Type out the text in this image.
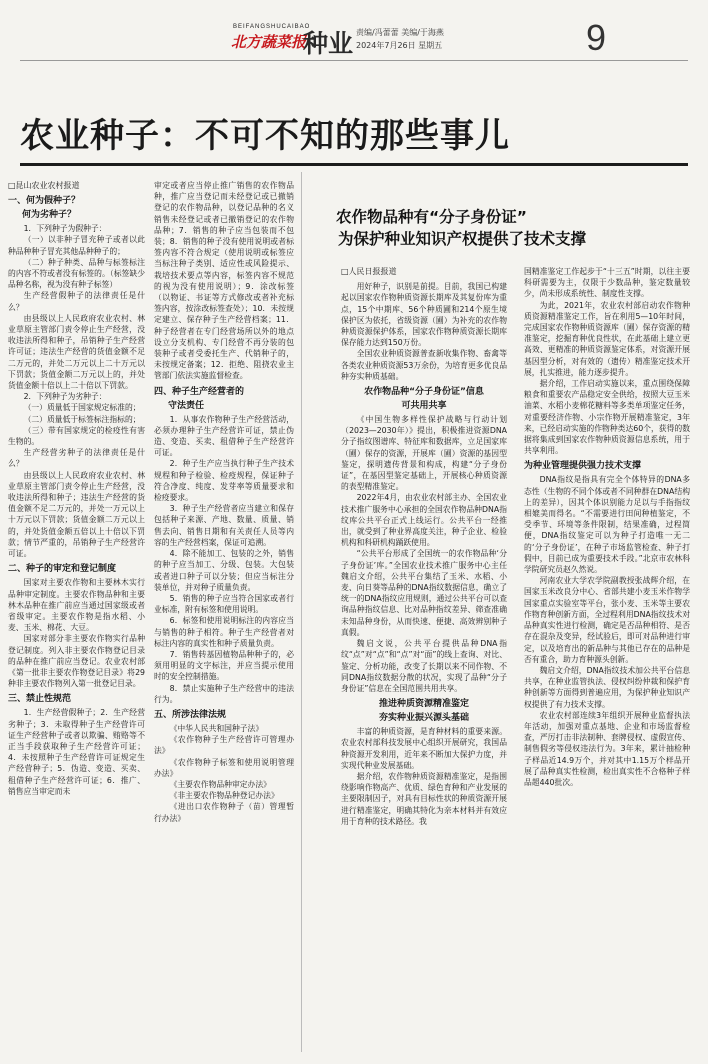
BEIFANGSHUCAIBAO
北方蔬菜报
种业 责编/冯蕾蕾 美编/于海燕
2024年7月26日 星期五	9
农业种子：不可不知的那些事儿
□昆山农业农村报道
一、何为假种子？
何为劣种子？

1．下列种子为假种子：

（一）以非种子冒充种子或者以此种品种种子冒充其他品种种子的；

（二）种子种类、品种与标签标注的内容不符或者没有标签的。（标签缺少品种名称，视为没有种子标签）

生产经营假种子的法律责任是什么？

由县级以上人民政府农业农村、林业草原主管部门责令停止生产经营，没收违法所得和种子，吊销种子生产经营许可证；违法生产经营的货值金额不足二万元的，并处二万元以上二十万元以下罚款；货值金额二万元以上的，并处货值金额十倍以上二十倍以下罚款。

2．下列种子为劣种子：

（一）质量低于国家规定标准的；

（二）质量低于标签标注指标的；

（三）带有国家规定的检疫性有害生物的。

生产经营劣种子的法律责任是什么？

由县级以上人民政府农业农村、林业草原主管部门责令停止生产经营，没收违法所得和种子；违法生产经营的货值金额不足二万元的，并处一万元以上十万元以下罚款；货值金额二万元以上的，并处货值金额五倍以上十倍以下罚款；情节严重的，吊销种子生产经营许可证。

二、种子的审定和登记制度

国家对主要农作物和主要林木实行品种审定制度。主要农作物品种和主要林木品种在推广前应当通过国家级或者省级审定。主要农作物是指水稻、小麦、玉米、棉花、大豆。

国家对部分非主要农作物实行品种登记制度。列入非主要农作物登记目录的品种在推广前应当登记。农业农村部《第一批非主要农作物登记目录》将29种非主要农作物列入第一批登记目录。

三、禁止性规范

1．生产经营假种子；2．生产经营劣种子；3．未取得种子生产经营许可证生产经营种子或者以欺骗、贿赂等不正当手段获取种子生产经营许可证；4．未按照种子生产经营许可证规定生产经营种子；5．伪造、变造、买卖、租借种子生产经营许可证；6．推广、销售应当审定而未

审定或者应当停止推广销售的农作物品种，推广应当登记而未经登记或已撤销登记的农作物品种，以登记品种的名义销售未经登记或者已撤销登记的农作物品种；7．销售的种子应当包装而不包装；8．销售的种子没有使用说明或者标签内容不符合规定（使用说明或标签应当标注种子类别、适应性或风险提示、栽培技术要点等内容，标签内容不规范的视为没有使用说明）；9．涂改标签（以物证、书证等方式修改或者补充标签内容，按涂改标签查处）；10．未按规定建立、保存种子生产经营档案；11．种子经营者在专门经营场所以外的地点设立分支机构、专门经营不再分装的包装种子或者受委托生产、代销种子的，未按规定备案；12．拒绝、阻挠农业主管部门依法实施监督检查。

四、种子生产经营者的
守法责任

1．从事农作物种子生产经营活动，必须办理种子生产经营许可证，禁止伪造、变造、买卖、租借种子生产经营许可证。

2．种子生产应当执行种子生产技术规程和种子检验、检疫规程，保证种子符合净度、纯度、发芽率等质量要求和检疫要求。

3．种子生产经营者应当建立和保存包括种子来源、产地、数量、质量、销售去向、销售日期和有关责任人员等内容的生产经营档案，保证可追溯。

4．除不能加工、包装的之外，销售的种子应当加工、分级、包装。大包装或者进口种子可以分装；但应当标注分装单位，并对种子质量负责。

5．销售的种子应当符合国家或者行业标准，附有标签和使用说明。

6．标签和使用说明标注的内容应当与销售的种子相符。种子生产经营者对标注内容的真实性和种子质量负责。

7．销售转基因植物品种种子的，必须用明显的文字标注，并应当提示使用时的安全控制措施。

8．禁止实施种子生产经营中的违法行为。

五、所涉法律法规

《中华人民共和国种子法》

《农作物种子生产经营许可管理办法》

《农作物种子标签和使用说明管理办法》

《主要农作物品种审定办法》

《非主要农作物品种登记办法》

《进出口农作物种子（苗）管理暂行办法》

农作物品种有“分子身份证”
为保护种业知识产权提供了技术支撑
□人民日报报道

用好种子，识别是前提。目前，我国已构建起以国家农作物种质资源长期库及其复份库为重点，15个中期库、56个种质圃和214个原生境保护区为依托，省级资源（圃）为补充的农作物种质资源保护体系，国家农作物种质资源长期库保存能力达到150万份。

全国农业种质资源普查新收集作物、畜禽等各类农业种质资源53万余份，为培育更多优良品种夯实种质基础。

农作物品种“分子身份证”信息
可共用共享

《中国生物多样性保护战略与行动计划（2023—2030年）》提出，积极推进资源DNA分子指纹图谱库、特征库和数据库，立足国家库（圃）保存的资源，开展库（圃）资源的基因型鉴定，探明遗传背景和构成，构建“分子身份证”，在基因型鉴定基础上，开展核心种质资源的表型精准鉴定。

2022年4月，由农业农村部主办、全国农业技术推广服务中心承担的全国农作物品种DNA指纹库公共平台正式上线运行。公共平台一经推出，就受到了种业界高度关注，种子企业、检验机构和科研机构踊跃使用。

“公共平台形成了全国统一的农作物品种‘分子身份证’库。”全国农业技术推广服务中心主任魏启文介绍，公共平台集结了玉米、水稻、小麦、向日葵等品种的DNA指纹数据信息，确立了统一的DNA指纹应用规则，通过公共平台可以查询品种指纹信息、比对品种指纹差异、筛查准确未知品种身份，从而快速、便捷、高效辨别种子真假。

魏启文说，公共平台提供品种DNA指纹“点”对“点”和“点”对“面”的线上查询、对比、鉴定、分析功能，改变了长期以来不同作物、不同DNA指纹数据分散的状况，实现了品种“分子身份证”信息在全国范围共用共享。

推进种质资源精准鉴定
夯实种业振兴源头基础

丰富的种质资源，是育种材料的重要来源。农业农村部科技发展中心组织开展研究，我国品种资源开发利用，近年来不断加大保护力度，并实现代种业发展基础。

据介绍，农作物种质资源精准鉴定，是指围绕影响作物高产、优质、绿色育种和产业发展的主要限制因子，对具有目标性状的种质资源开展进行精准鉴定，明确其特化为亲本材料并有效应用于育种的技术路径。我

国精准鉴定工作起步于“十三五”时期，以往主要科研需要为主，仅限于少数品种，鉴定数量较少，尚未形成系统性、制度性支撑。

为此，2021年，农业农村部启动农作物种质资源精准鉴定工作，旨在利用5—10年时间，完成国家农作物种质资源库（圃）保存资源的精准鉴定，挖掘育种优良性状，在此基础上建立更高效、更精准的种质资源鉴定体系，对资源开展基因型分析，对有效的（遗传）精准鉴定技术开展，扎实推进，能力逐步提升。

据介绍，工作启动实施以来，重点围绕保障粮食和重要农产品稳定安全供给，按照大豆玉米油菜、水稻小麦棉花糖料等多类单项鉴定任务，对重要经济作物、小宗作物开展精准鉴定，3年来，已经启动实施的作物种类达60个，获得的数据将集成到国家农作物种质资源信息系统，用于共享利用。

为种业管理提供强力技术支撑

DNA指纹是指具有完全个体特异的DNA多态性（生物的不同个体或者不同种群在DNA结构上的差异），因其个体识别能力足以与手指指纹相媲美而得名。“不需要进行田间种植鉴定，不受季节、环境等条件限制，结果准确，过程简便，DNA指纹鉴定可以为种子打造唯一无二的‘分子身份证’，在种子市场监管检查、种子打假中，目前已成为重要技术手段。”北京市农林科学院研究员赵久然说。

河南农业大学农学院副教授张战辉介绍，在国家玉米改良分中心、省部共建小麦玉米作物学国家重点实验室等平台，张小麦、玉米等主要农作物育种创新方面，全过程利用DNA指纹技术对品种真实性进行检测，确定是否品种相符、是否存在混杂及变异，经试验后，即可对品种进行审定，以及培育出的新品种与其他已存在的品种是否有重合，助力育种源头创新。

魏启文介绍，DNA指纹技术加公共平台信息共享，在种业监管执法、侵权纠纷仲裁和保护育种创新等方面得到普遍应用，为保护种业知识产权提供了有力技术支撑。

农业农村部连续3年组织开展种业监督执法年活动，加强对重点基地、企业和市场监督检查，严厉打击非法制种、套牌侵权、虚假宣传、制售假劣等侵权违法行为。3年来，累计抽检种子样品近14.9万个，并对其中1.15万个样品开展了品种真实性检测，检出真实性不合格种子样品超440批次。
